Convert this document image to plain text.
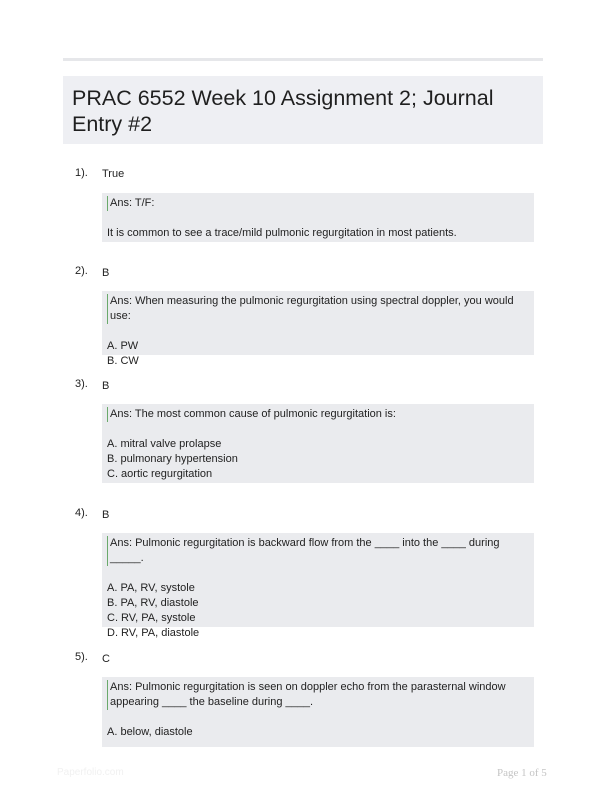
PRAC 6552 Week 10 Assignment 2; Journal Entry #2
1). True
Ans: T/F:
It is common to see a trace/mild pulmonic regurgitation in most patients.
2). B
Ans: When measuring the pulmonic regurgitation using spectral doppler, you would use:
A. PW
B. CW
3). B
Ans: The most common cause of pulmonic regurgitation is:
A. mitral valve prolapse
B. pulmonary hypertension
C. aortic regurgitation
4). B
Ans: Pulmonic regurgitation is backward flow from the ____ into the ____ during _____.
A. PA, RV, systole
B. PA, RV, diastole
C. RV, PA, systole
D. RV, PA, diastole
5). C
Ans: Pulmonic regurgitation is seen on doppler echo from the parasternal window appearing ____ the baseline during ____.
A. below, diastole
Paperfolio.com	Page 1 of 5
